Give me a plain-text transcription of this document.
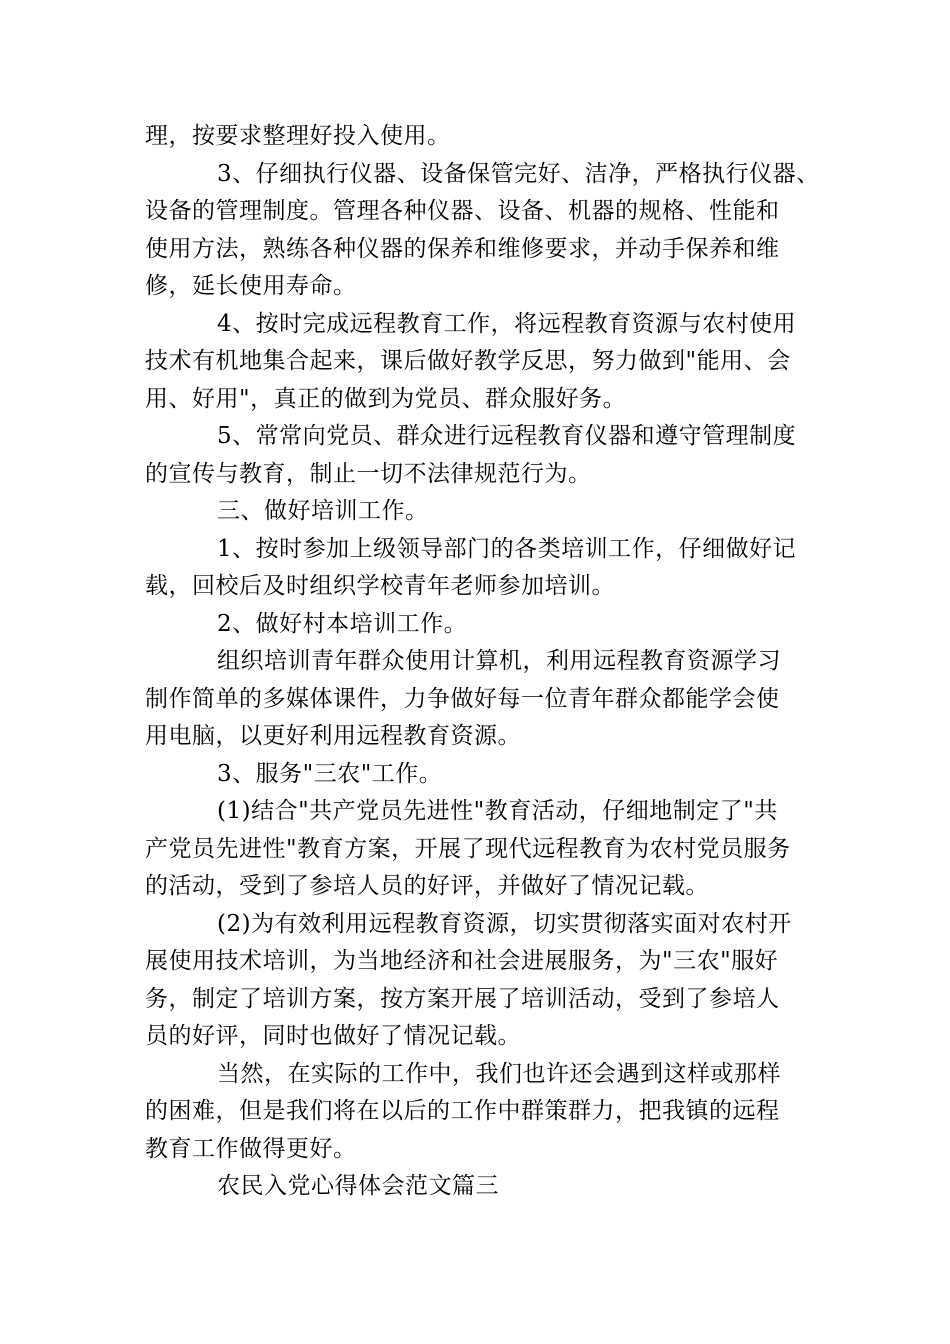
理，按要求整理好投入使用。
3、仔细执行仪器、设备保管完好、洁净，严格执行仪器、
设备的管理制度。管理各种仪器、设备、机器的规格、性能和
使用方法，熟练各种仪器的保养和维修要求，并动手保养和维
修，延长使用寿命。
4、按时完成远程教育工作，将远程教育资源与农村使用
技术有机地集合起来，课后做好教学反思，努力做到"能用、会
用、好用"，真正的做到为党员、群众服好务。
5、常常向党员、群众进行远程教育仪器和遵守管理制度
的宣传与教育，制止一切不法律规范行为。
三、做好培训工作。
1、按时参加上级领导部门的各类培训工作，仔细做好记
载，回校后及时组织学校青年老师参加培训。
2、做好村本培训工作。
组织培训青年群众使用计算机，利用远程教育资源学习
制作简单的多媒体课件，力争做好每一位青年群众都能学会使
用电脑，以更好利用远程教育资源。
3、服务"三农"工作。
(1)结合"共产党员先进性"教育活动，仔细地制定了"共
产党员先进性"教育方案，开展了现代远程教育为农村党员服务
的活动，受到了参培人员的好评，并做好了情况记载。
(2)为有效利用远程教育资源，切实贯彻落实面对农村开
展使用技术培训，为当地经济和社会进展服务，为"三农"服好
务，制定了培训方案，按方案开展了培训活动，受到了参培人
员的好评，同时也做好了情况记载。
当然，在实际的工作中，我们也许还会遇到这样或那样
的困难，但是我们将在以后的工作中群策群力，把我镇的远程
教育工作做得更好。
农民入党心得体会范文篇三
